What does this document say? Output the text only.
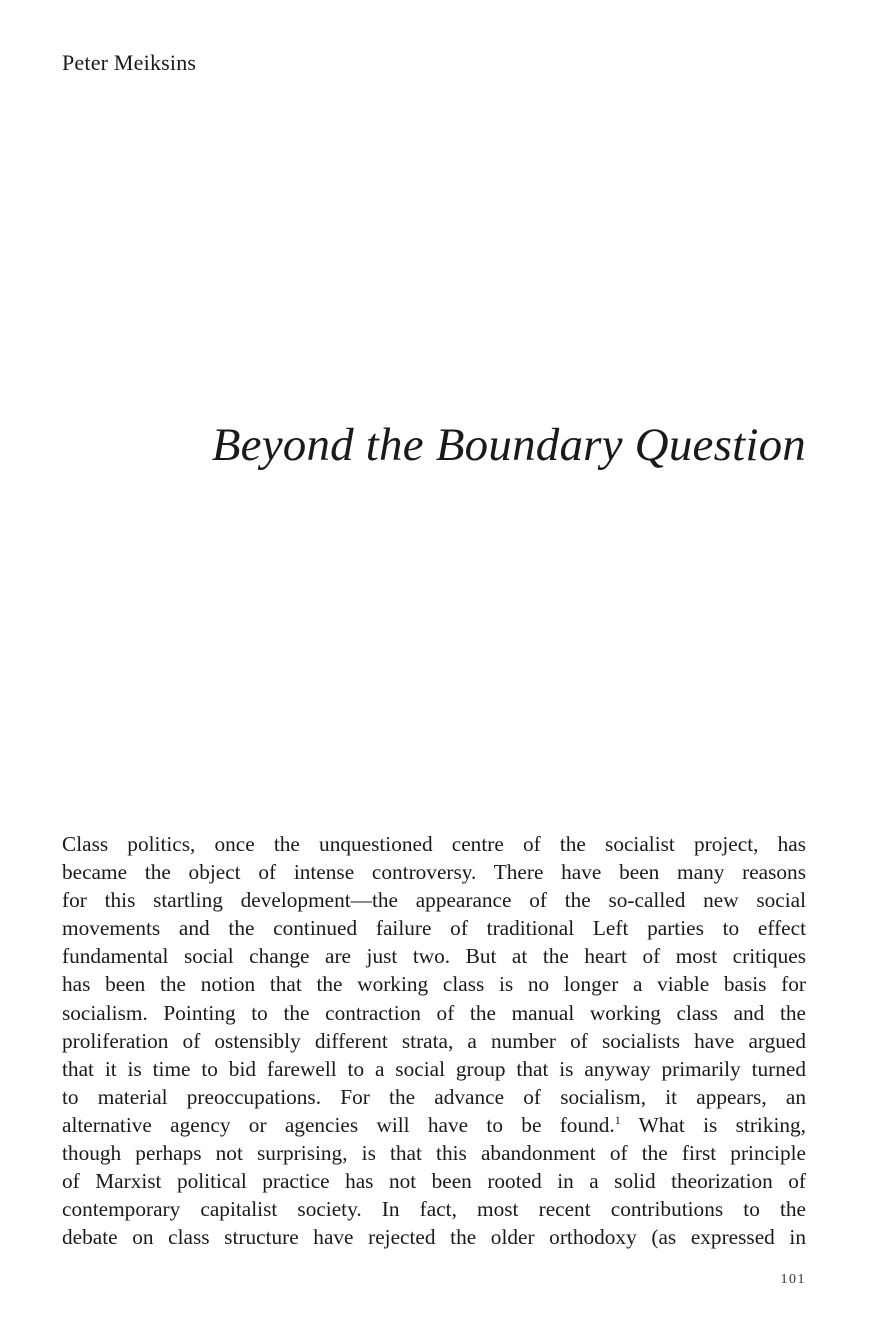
Peter Meiksins
Beyond the Boundary Question
Class politics, once the unquestioned centre of the socialist project, has
became the object of intense controversy. There have been many reasons
for this startling development—the appearance of the so-called new social
movements and the continued failure of traditional Left parties to effect
fundamental social change are just two. But at the heart of most critiques
has been the notion that the working class is no longer a viable basis for
socialism. Pointing to the contraction of the manual working class and the
proliferation of ostensibly different strata, a number of socialists have argued
that it is time to bid farewell to a social group that is anyway primarily turned
to material preoccupations. For the advance of socialism, it appears, an
alternative agency or agencies will have to be found.$^1$ What is striking,
though perhaps not surprising, is that this abandonment of the first principle
of Marxist political practice has not been rooted in a solid theorization of
contemporary capitalist society. In fact, most recent contributions to the
debate on class structure have rejected the older orthodoxy (as expressed in
101
